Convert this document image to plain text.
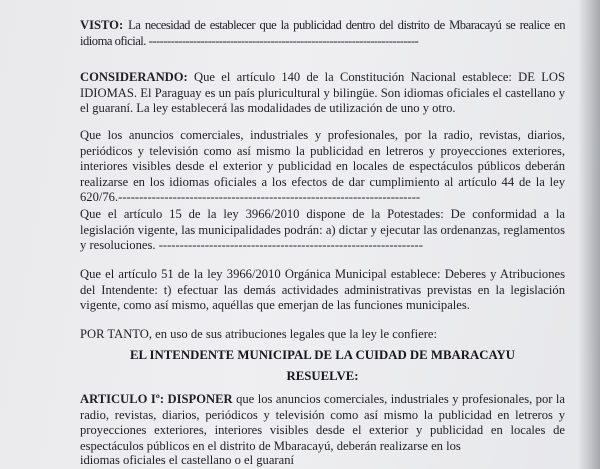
VISTO: La necesidad de establecer que la publicidad dentro del distrito de Mbaracayú se realice en idioma oficial. -------------------------------------------------------------------------
CONSIDERANDO: Que el artículo 140 de la Constitución Nacional establece: DE LOS IDIOMAS. El Paraguay es un país pluricultural y bilingüe. Son idiomas oficiales el castellano y el guaraní. La ley establecerá las modalidades de utilización de uno y otro.
Que los anuncios comerciales, industriales y profesionales, por la radio, revistas, diarios, periódicos y televisión como así mismo la publicidad en letreros y proyecciones exteriores, interiores visibles desde el exterior y publicidad en locales de espectáculos públicos deberán realizarse en los idiomas oficiales a los efectos de dar cumplimiento al artículo 44 de la ley 620/76.------------------------------------------------------------------------
Que el artículo 15 de la ley 3966/2010 dispone de la Potestades: De conformidad a la legislación vigente, las municipalidades podrán: a) dictar y ejecutar las ordenanzas, reglamentos y resoluciones. ---------------------------------------------------------------
Que el artículo 51 de la ley 3966/2010 Orgánica Municipal establece: Deberes y Atribuciones del Intendente: t) efectuar las demás actividades administrativas previstas en la legislación vigente, como así mismo, aquéllas que emerjan de las funciones municipales.
POR TANTO, en uso de sus atribuciones legales que la ley le confiere:
EL INTENDENTE MUNICIPAL DE LA CUIDAD DE MBARACAYU
RESUELVE:
ARTICULO Iº: DISPONER que los anuncios comerciales, industriales y profesionales, por la radio, revistas, diarios, periódicos y televisión como así mismo la publicidad en letreros y proyecciones exteriores, interiores visibles desde el exterior y publicidad en locales de espectáculos públicos en el distrito de Mbaracayú, deberán realizarse en los
idiomas oficiales el castellano o el guaraní
